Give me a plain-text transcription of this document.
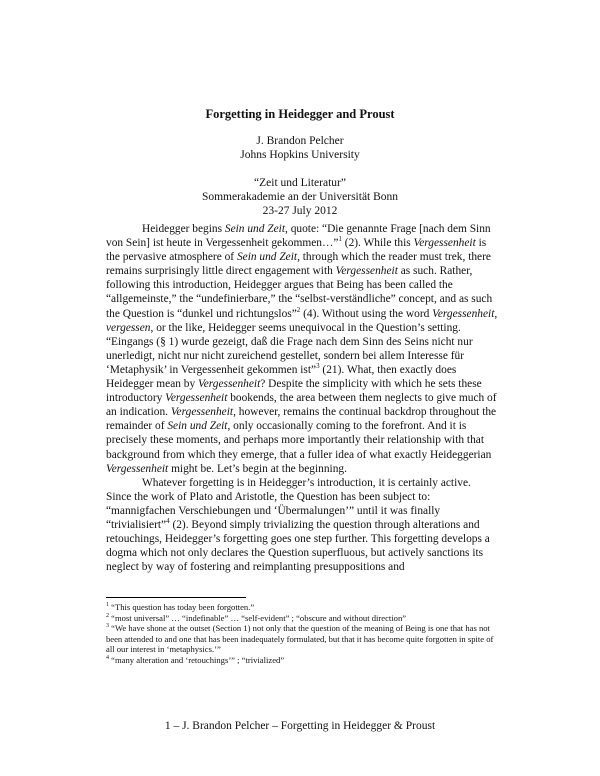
Forgetting in Heidegger and Proust
J. Brandon Pelcher
Johns Hopkins University
“Zeit und Literatur”
Sommerakademie an der Universität Bonn
23-27 July 2012

Heidegger begins Sein und Zeit, quote: “Die genannte Frage [nach dem Sinn von Sein] ist heute in Vergessenheit gekommen…”$^1$ (2). While this Vergessenheit is the pervasive atmosphere of Sein und Zeit, through which the reader must trek, there remains surprisingly little direct engagement with Vergessenheit as such. Rather, following this introduction, Heidegger argues that Being has been called the “allgemeinste,” the “undefinierbare,” the “selbst-verständliche” concept, and as such the Question is “dunkel und richtungslos”$^2$ (4). Without using the word Vergessenheit, vergessen, or the like, Heidegger seems unequivocal in the Question’s setting. “Eingangs (§ 1) wurde gezeigt, daß die Frage nach dem Sinn des Seins nicht nur unerledigt, nicht nur nicht zureichend gestellet, sondern bei allem Interesse für ‘Metaphysik’ in Vergessenheit gekommen ist”$^3$ (21). What, then exactly does Heidegger mean by Vergessenheit? Despite the simplicity with which he sets these introductory Vergessenheit bookends, the area between them neglects to give much of an indication. Vergessenheit, however, remains the continual backdrop throughout the remainder of Sein und Zeit, only occasionally coming to the forefront. And it is precisely these moments, and perhaps more importantly their relationship with that background from which they emerge, that a fuller idea of what exactly Heideggerian Vergessenheit might be. Let’s begin at the beginning.

Whatever forgetting is in Heidegger’s introduction, it is certainly active. Since the work of Plato and Aristotle, the Question has been subject to: “mannigfachen Verschiebungen und ‘Übermalungen’” until it was finally “trivialisiert”$^4$ (2). Beyond simply trivializing the question through alterations and retouchings, Heidegger’s forgetting goes one step further. This forgetting develops a dogma which not only declares the Question superfluous, but actively sanctions its neglect by way of fostering and reimplanting presuppositions and

$^1$ “This question has today been forgotten.”
$^2$ “most universal” … “indefinable” … “self-evident” ; “obscure and without direction”
$^3$ “We have shone at the outset (Section 1) not only that the question of the meaning of Being is one that has not been attended to and one that has been inadequately formulated, but that it has become quite forgotten in spite of all our interest in ‘metaphysics.’”
$^4$ “many alteration and ‘retouchings’” ; “trivialized”
1 – J. Brandon Pelcher – Forgetting in Heidegger & Proust
